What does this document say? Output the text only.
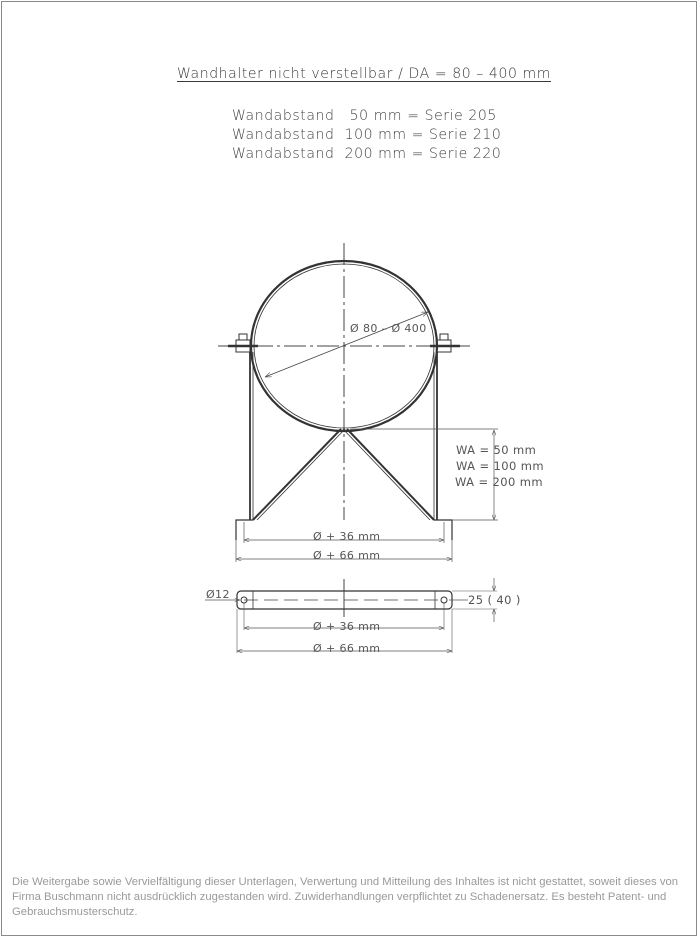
Wandhalter nicht verstellbar / DA = 80 – 400 mm
Wandabstand   50 mm = Serie 205
Wandabstand  100 mm = Serie 210
Wandabstand  200 mm = Serie 220
Ø 80 – Ø 400
WA = 50 mm
WA = 100 mm
WA = 200 mm
Ø + 36 mm
Ø + 66 mm
Ø12	25 ( 40 )
Ø + 36 mm
Ø + 66 mm
Die Weitergabe sowie Vervielfältigung dieser Unterlagen, Verwertung und Mitteilung des Inhaltes ist nicht gestattet, soweit dieses von Firma Buschmann nicht ausdrücklich zugestanden wird. Zuwiderhandlungen verpflichtet zu Schadenersatz. Es besteht Patent- und Gebrauchsmusterschutz.
